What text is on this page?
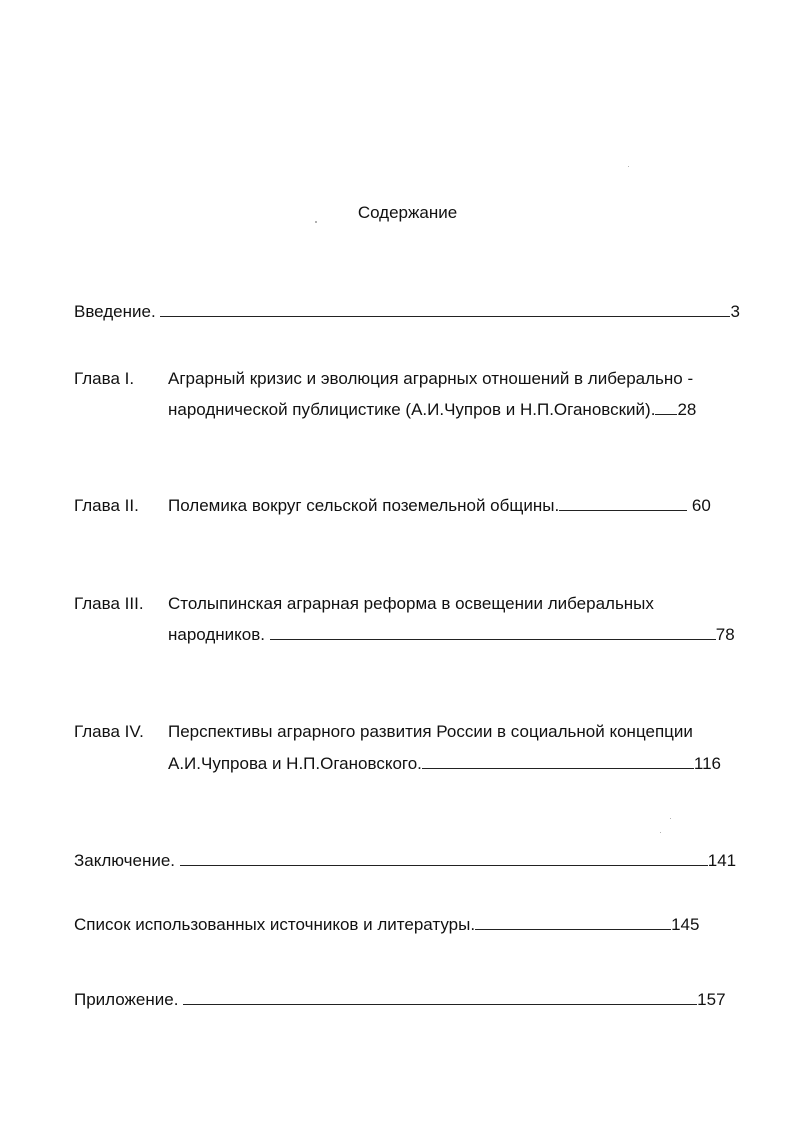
Содержание
Введение.	3
Глава I. Аграрный кризис и эволюция аграрных отношений в либерально -
народнической публицистике (А.И.Чупров и Н.П.Огановский). 28
Глава II. Полемика вокруг сельской поземельной общины.	60
Глава III. Столыпинская аграрная реформа в освещении либеральных
народников.	78
Глава IV. Перспективы аграрного развития России в социальной концепции
А.И.Чупрова и Н.П.Огановского.	116
Заключение.	141
Список использованных источников и литературы.	145
Приложение.	157
